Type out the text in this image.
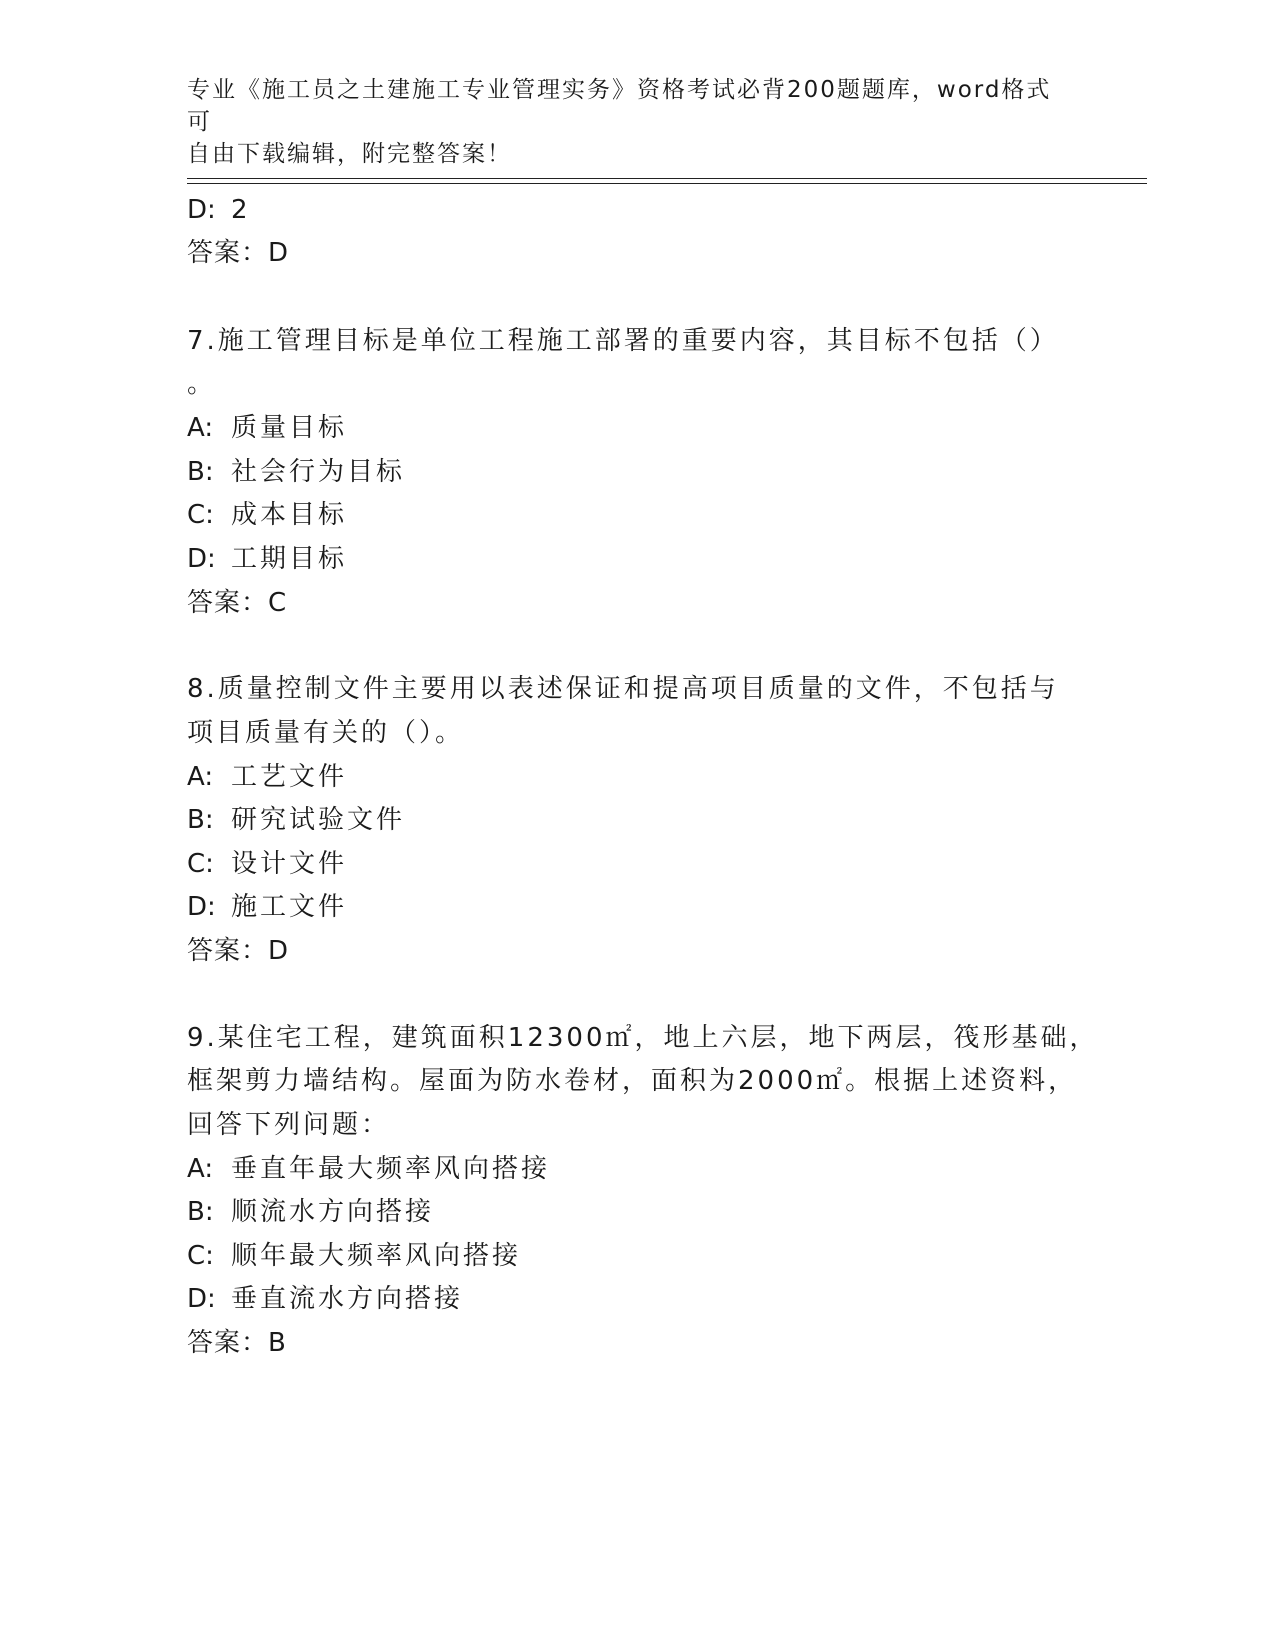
专业《施工员之土建施工专业管理实务》资格考试必背200题题库，word格式可
自由下载编辑，附完整答案！
D: 2
答案：D
7.施工管理目标是单位工程施工部署的重要内容，其目标不包括（）
。
A: 质量目标
B: 社会行为目标
C: 成本目标
D: 工期目标
答案：C
8.质量控制文件主要用以表述保证和提高项目质量的文件，不包括与
项目质量有关的（）。
A: 工艺文件
B: 研究试验文件
C: 设计文件
D: 施工文件
答案：D
9.某住宅工程，建筑面积12300㎡，地上六层，地下两层，筏形基础，
框架剪力墙结构。屋面为防水卷材，面积为2000㎡。根据上述资料，
回答下列问题：
A: 垂直年最大频率风向搭接
B: 顺流水方向搭接
C: 顺年最大频率风向搭接
D: 垂直流水方向搭接
答案：B
